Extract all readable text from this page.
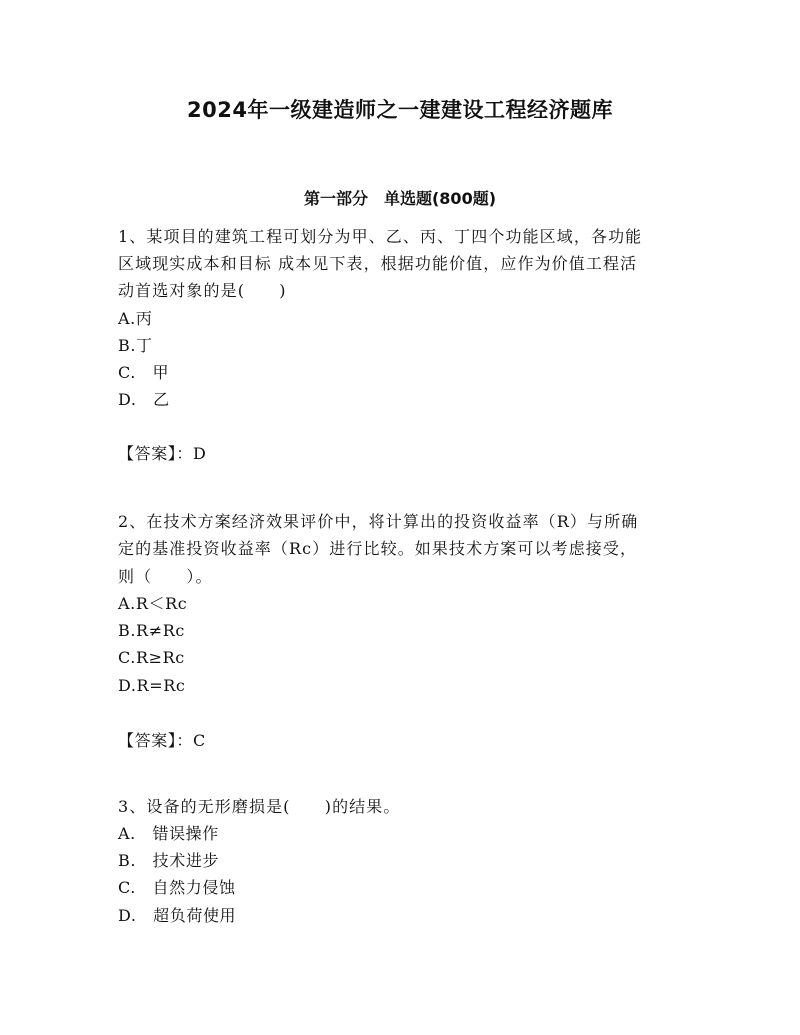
2024年一级建造师之一建建设工程经济题库
第一部分　单选题(800题)
1、某项目的建筑工程可划分为甲、乙、丙、丁四个功能区域，各功能
区域现实成本和目标 成本见下表，根据功能价值，应作为价值工程活
动首选对象的是(　　)
A.丙
B.丁
C.　甲
D.　乙
【答案】：D
2、在技术方案经济效果评价中，将计算出的投资收益率（R）与所确
定的基准投资收益率（Rc）进行比较。如果技术方案可以考虑接受，
则（　　）。
A.R＜Rc
B.R≠Rc
C.R≥Rc
D.R=Rc
【答案】：C
3、设备的无形磨损是(　　)的结果。
A.　错误操作
B.　技术进步
C.　自然力侵蚀
D.　超负荷使用
